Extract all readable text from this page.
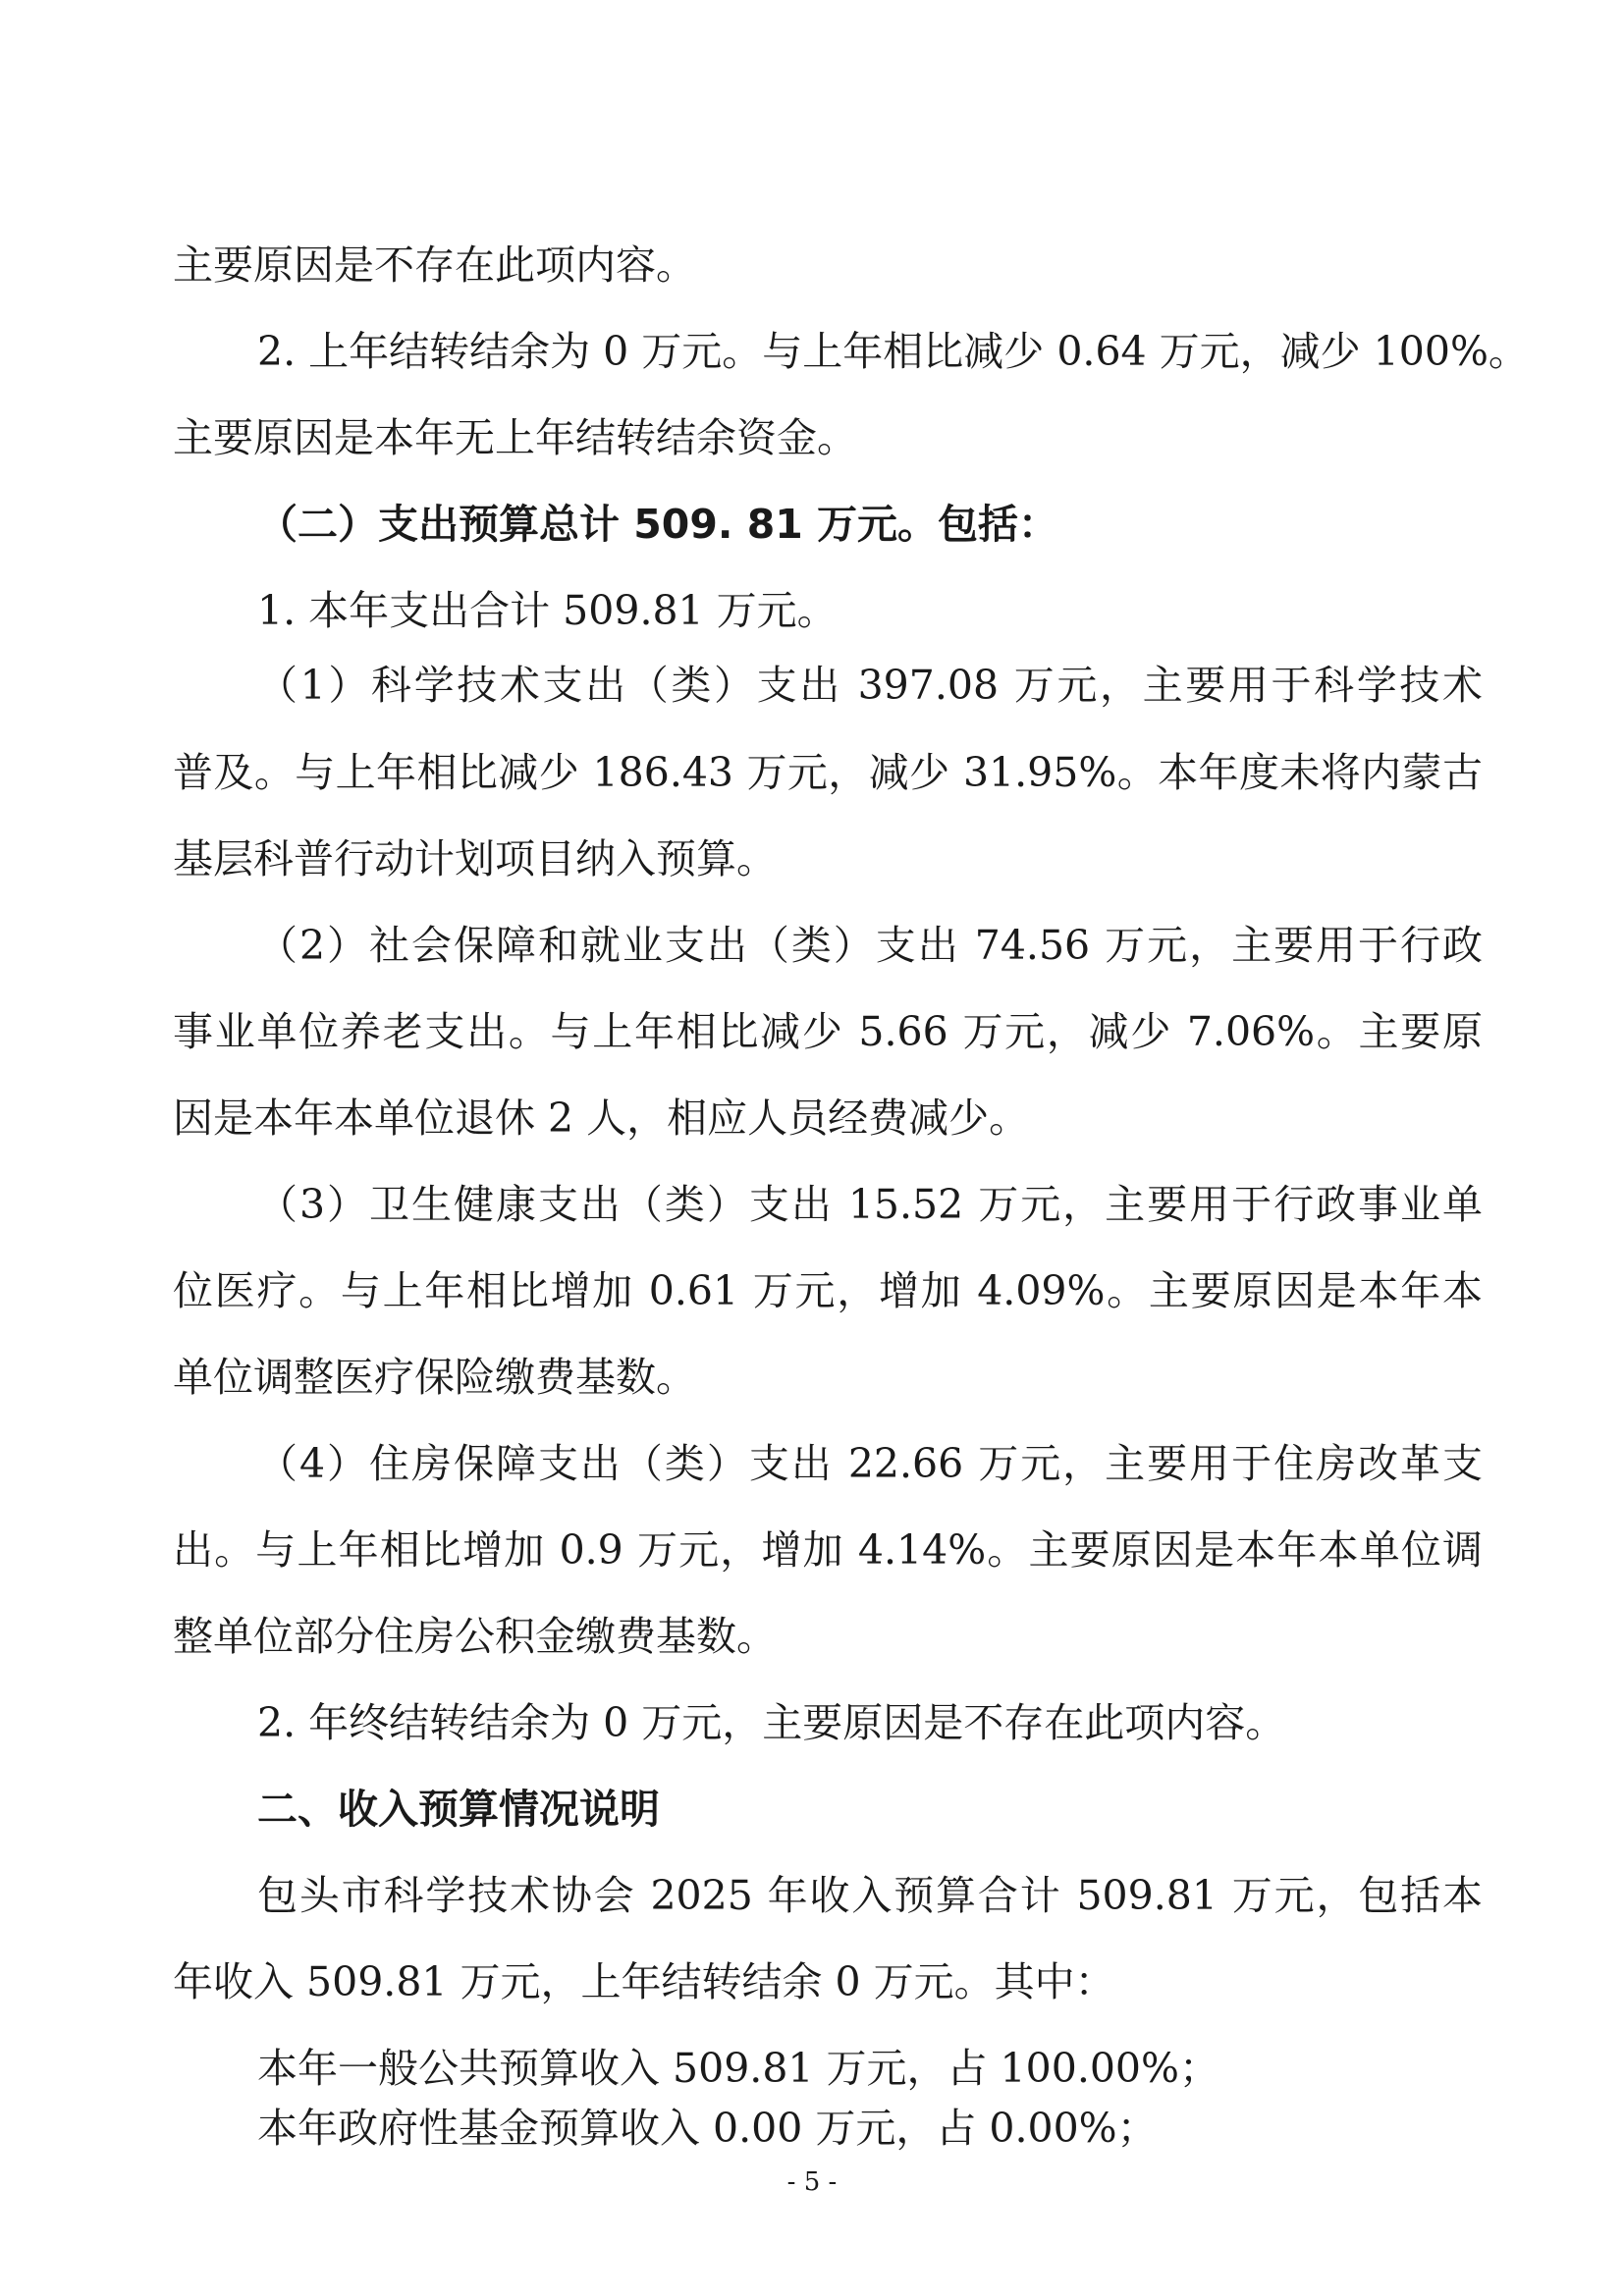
主要原因是不存在此项内容。
2. 上年结转结余为 0 万元。与上年相比减少 0.64 万元，减少 100%。
主要原因是本年无上年结转结余资金。
（二）支出预算总计 509. 81 万元。包括：
1. 本年支出合计 509.81 万元。
（1）科学技术支出（类）支出 397.08 万元，主要用于科学技术
普及。与上年相比减少 186.43 万元，减少 31.95%。本年度未将内蒙古
基层科普行动计划项目纳入预算。
（2）社会保障和就业支出（类）支出 74.56 万元，主要用于行政
事业单位养老支出。与上年相比减少 5.66 万元，减少 7.06%。主要原
因是本年本单位退休 2 人，相应人员经费减少。
（3）卫生健康支出（类）支出 15.52 万元，主要用于行政事业单
位医疗。与上年相比增加 0.61 万元，增加 4.09%。主要原因是本年本
单位调整医疗保险缴费基数。
（4）住房保障支出（类）支出 22.66 万元，主要用于住房改革支
出。与上年相比增加 0.9 万元，增加 4.14%。主要原因是本年本单位调
整单位部分住房公积金缴费基数。
2. 年终结转结余为 0 万元，主要原因是不存在此项内容。
二、收入预算情况说明
包头市科学技术协会 2025 年收入预算合计 509.81 万元，包括本
年收入 509.81 万元，上年结转结余 0 万元。其中：
本年一般公共预算收入 509.81 万元，占 100.00%；
本年政府性基金预算收入 0.00 万元，占 0.00%；
- 5 -
